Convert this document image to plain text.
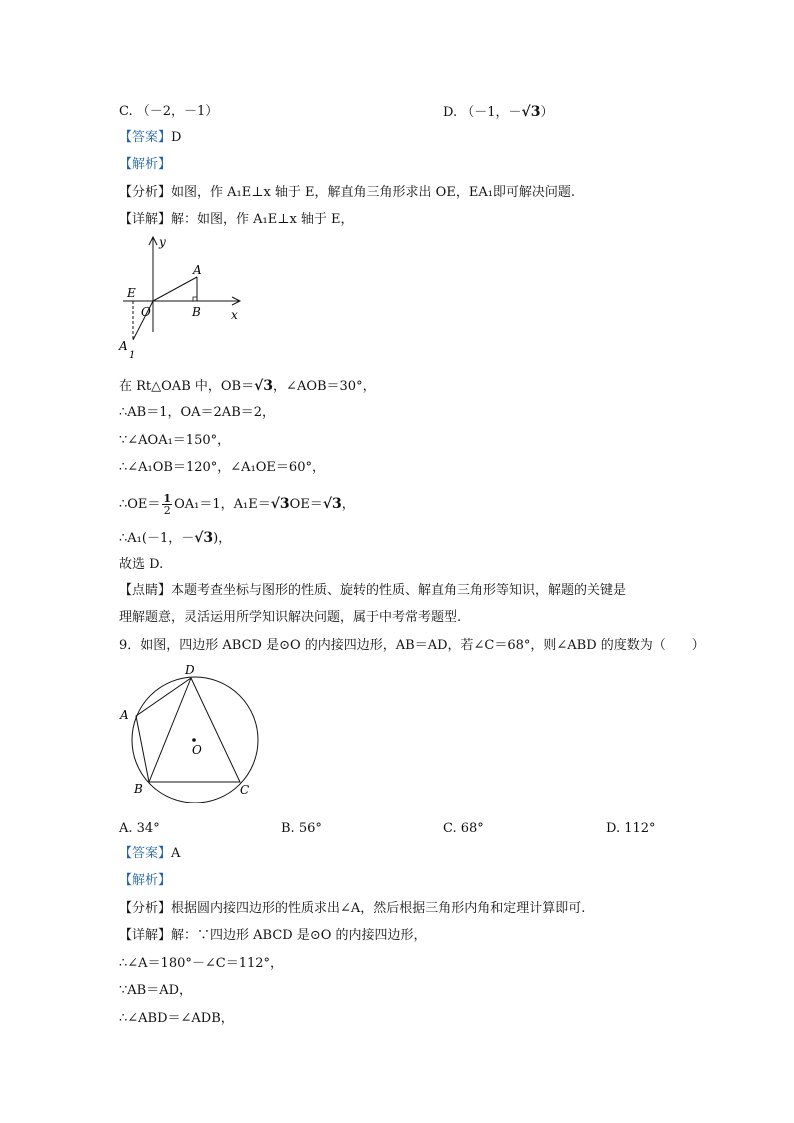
C. （－2，－1）	D. （－1，－√3）
【答案】D
【解析】
【分析】如图，作 A₁E⊥x 轴于 E，解直角三角形求出 OE，EA₁即可解决问题.
【详解】解：如图，作 A₁E⊥x 轴于 E，
y
x
A
E
O	B
A
1
在 Rt△OAB 中，OB＝√3，∠AOB＝30°，
∴AB＝1，OA＝2AB＝2，
∵∠AOA₁＝150°，
∴∠A₁OB＝120°，∠A₁OE＝60°，
∴OE＝ $\frac{1}{2} OA_1=1$，A₁E＝√3OE＝√3，
∴A₁(－1，－√3)，
故选 D.
【点睛】本题考查坐标与图形的性质、旋转的性质、解直角三角形等知识，解题的关键是
理解题意，灵活运用所学知识解决问题，属于中考常考题型.
9．如图，四边形 ABCD 是⊙O 的内接四边形，AB＝AD，若∠C＝68°，则∠ABD 的度数为（　　）
A
B	C
D
O
A. 34°	B. 56°	C. 68°	D. 112°
【答案】A
【解析】
【分析】根据圆内接四边形的性质求出∠A，然后根据三角形内角和定理计算即可.
【详解】解：∵四边形 ABCD 是⊙O 的内接四边形，
∴∠A＝180°－∠C＝112°，
∵AB＝AD，
∴∠ABD＝∠ADB，
